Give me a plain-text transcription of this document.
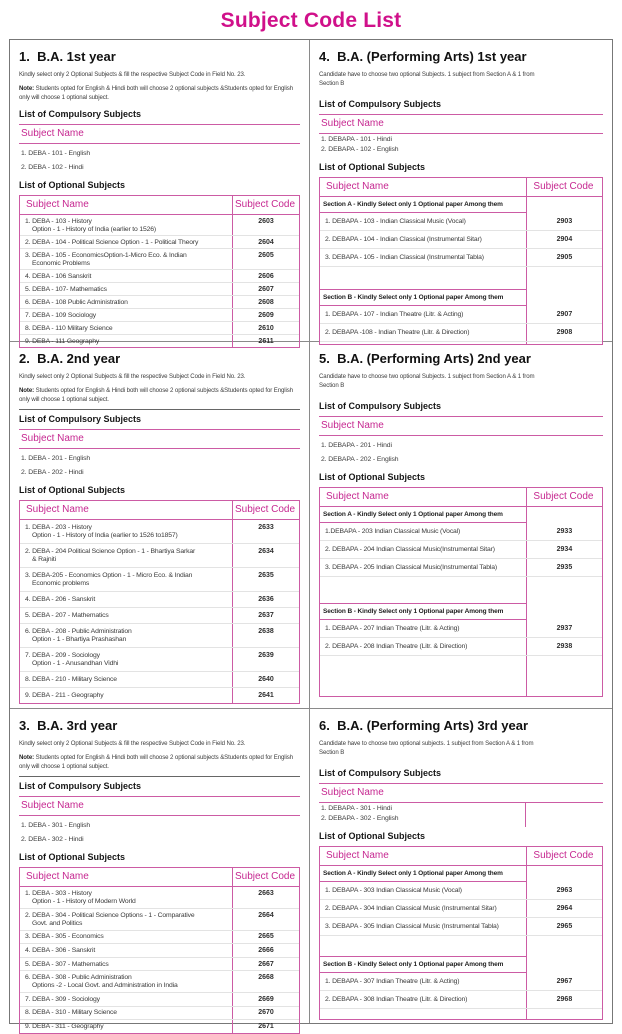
Subject Code List
1.  B.A. 1st year

Kindly select only 2 Optional Subjects & fill the respective Subject Code in Field No. 23.

Note: Students opted for English & Hindi both will choose 2 optional subjects &Students opted for English only will choose 1 optional subject.

List of Compulsory Subjects
Subject Name
1. DEBA - 101 - English
2. DEBA - 102 - Hindi
List of Optional Subjects
Subject Name	Subject Code
1. DEBA - 103 - History
Option - 1 - History of India (earlier to 1526)
2603
2. DEBA - 104 - Political Science Option - 1 - Political Theory	2604
3. DEBA - 105 - EconomicsOption-1-Micro Eco. & Indian
Economic Problems
2605
4. DEBA - 106 Sanskrit	2606
5. DEBA - 107- Mathematics	2607
6. DEBA - 108 Public Administration	2608
7. DEBA - 109 Sociology	2609
8. DEBA - 110 Military Science	2610
9. DEBA - 111 Geography	2611
2.  B.A. 2nd year

Kindly select only 2 Optional Subjects & fill the respective Subject Code in Field No. 23.

Note: Students opted for English & Hindi both will choose 2 optional subjects &Students opted for English only will choose 1 optional subject.

List of Compulsory Subjects
Subject Name
1. DEBA - 201 - English
2. DEBA - 202 - Hindi
List of Optional Subjects
Subject Name	Subject Code
1. DEBA - 203 - History
Option - 1 - History of India (earlier to 1526 to1857)
2633
2. DEBA - 204 Political Science Option - 1 - Bhartiya Sarkar
& Rajniti
2634
3. DEBA-205 - Economics Option - 1 - Micro Eco. & Indian
Economic problems
2635
4. DEBA - 206 - Sanskrit	2636
5. DEBA - 207 - Mathematics	2637
6. DEBA - 208 - Public Administration
Option - 1 - Bhartiya Prashashan
2638
7. DEBA - 209 - Sociology
Option - 1 - Anusandhan Vidhi
2639
8. DEBA - 210 - Military Science	2640
9. DEBA - 211 - Geography	2641
3.  B.A. 3rd year

Kindly select only 2 Optional Subjects & fill the respective Subject Code in Field No. 23.

Note: Students opted for English & Hindi both will choose 2 optional subjects &Students opted for English only will choose 1 optional subject.

List of Compulsory Subjects
Subject Name
1. DEBA - 301 - English
2. DEBA - 302 - Hindi
List of Optional Subjects
Subject Name	Subject Code
1. DEBA - 303 - History
Option - 1 - History of Modern World
2663
2. DEBA - 304 - Political Science Options - 1 - Comparative
Govt. and Politics
2664
3. DEBA - 305 - Economics	2665
4. DEBA - 306 - Sanskrit	2666
5. DEBA - 307 - Mathematics	2667
6. DEBA - 308 - Public Administration
Options -2 - Local Govt. and Administration in India
2668
7. DEBA - 309 - Sociology	2669
8. DEBA - 310 - Military Science	2670
9. DEBA - 311 - Geography	2671
4.  B.A. (Performing Arts) 1st year

Candidate have to choose two optional Subjects. 1 subject from Section A & 1 from
Section B

List of Compulsory Subjects
Subject Name
1. DEBAPA - 101 - Hindi
2. DEBAPA - 102 - English
List of Optional Subjects
Subject Name	Subject Code
Section A - Kindly Select only 1 Optional paper Among them
1. DEBAPA - 103 - Indian Classical Music (Vocal)	2903
2. DEBAPA - 104 - Indian Classical (Instrumental Sitar)	2904
3. DEBAPA - 105 - Indian Classical (Instrumental Tabla)	2905
Section B - Kindly Select only 1 Optional paper Among them
1. DEBAPA - 107 - Indian Theatre (Litr. & Acting)	2907
2. DEBAPA -108 - Indian Theatre (Litr. & Direction)	2908
5.  B.A. (Performing Arts) 2nd year

Candidate have to choose two optional Subjects. 1 subject from Section A & 1 from
Section B

List of Compulsory Subjects
Subject Name
1. DEBAPA - 201 - Hindi
2. DEBAPA - 202 - English
List of Optional Subjects
Subject Name	Subject Code
Section A - Kindly Select only 1 Optional paper Among them
1.DEBAPA - 203 Indian Classical Music (Vocal)	2933
2. DEBAPA - 204 Indian Classical Music(Instrumental Sitar)	2934
3. DEBAPA - 205 Indian Classical Music(Instrumental Tabla)	2935
Section B - Kindly Select only 1 Optional paper Among them
1. DEBAPA - 207 Indian Theatre (Litr. & Acting)	2937
2. DEBAPA - 208 Indian Theatre (Litr. & Direction)	2938
6.  B.A. (Performing Arts) 3rd year

Candidate have to choose two optional subjects. 1 subject from Section A & 1 from
Section B

List of Compulsory Subjects
Subject Name
1. DEBAPA - 301 - Hindi
2. DEBAPA - 302 - English
List of Optional Subjects
Subject Name	Subject Code
Section A - Kindly Select only 1 Optional paper Among them
1. DEBAPA - 303 Indian Classical Music (Vocal)	2963
2. DEBAPA - 304 Indian Classical Music (Instrumental Sitar)	2964
3. DEBAPA - 305 Indian Classical Music (Instrumental Tabla)	2965
Section B - Kindly Select only 1 Optional paper Among them
1. DEBAPA - 307 Indian Theatre (Litr. & Acting)	2967
2. DEBAPA - 308 Indian Theatre (Litr. & Direction)	2968
